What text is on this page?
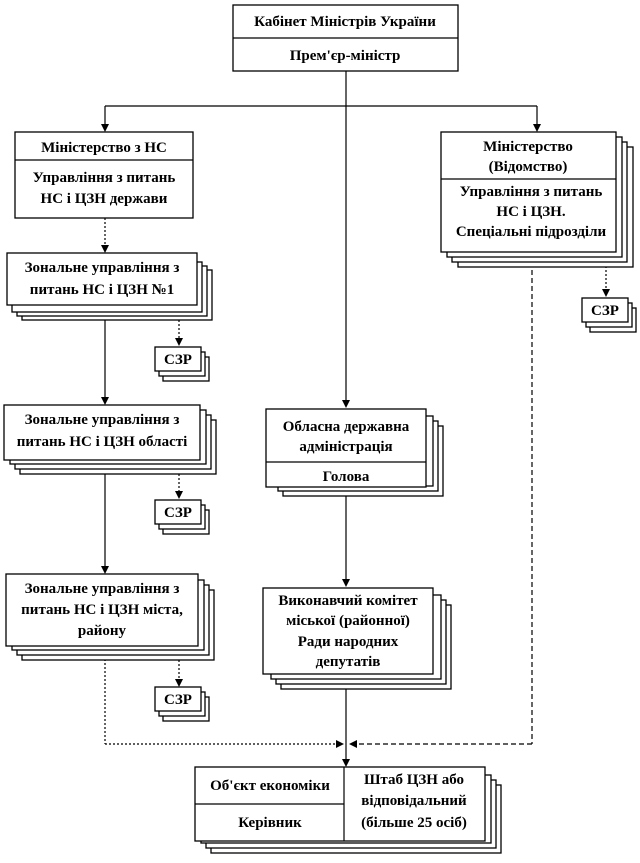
Кабінет Міністрів України
Прем'єр-міністр
Міністерство з НС
Управління з питань
НС і ЦЗН держави
Міністерство
(Відомство)
Управління з питань
НС і ЦЗН.
Спеціальні підрозділи
Зональне управління з
питань НС і ЦЗН №1
СЗР
Зональне управління з
питань НС і ЦЗН області
СЗР
Зональне управління з
питань НС і ЦЗН міста,
району
СЗР
СЗР
Обласна державна
адміністрація
Голова
Виконавчий комітет
міської (районної)
Ради народних
депутатів
Об'єкт економіки
Керівник
Штаб ЦЗН або
відповідальний
(більше 25 осіб)
